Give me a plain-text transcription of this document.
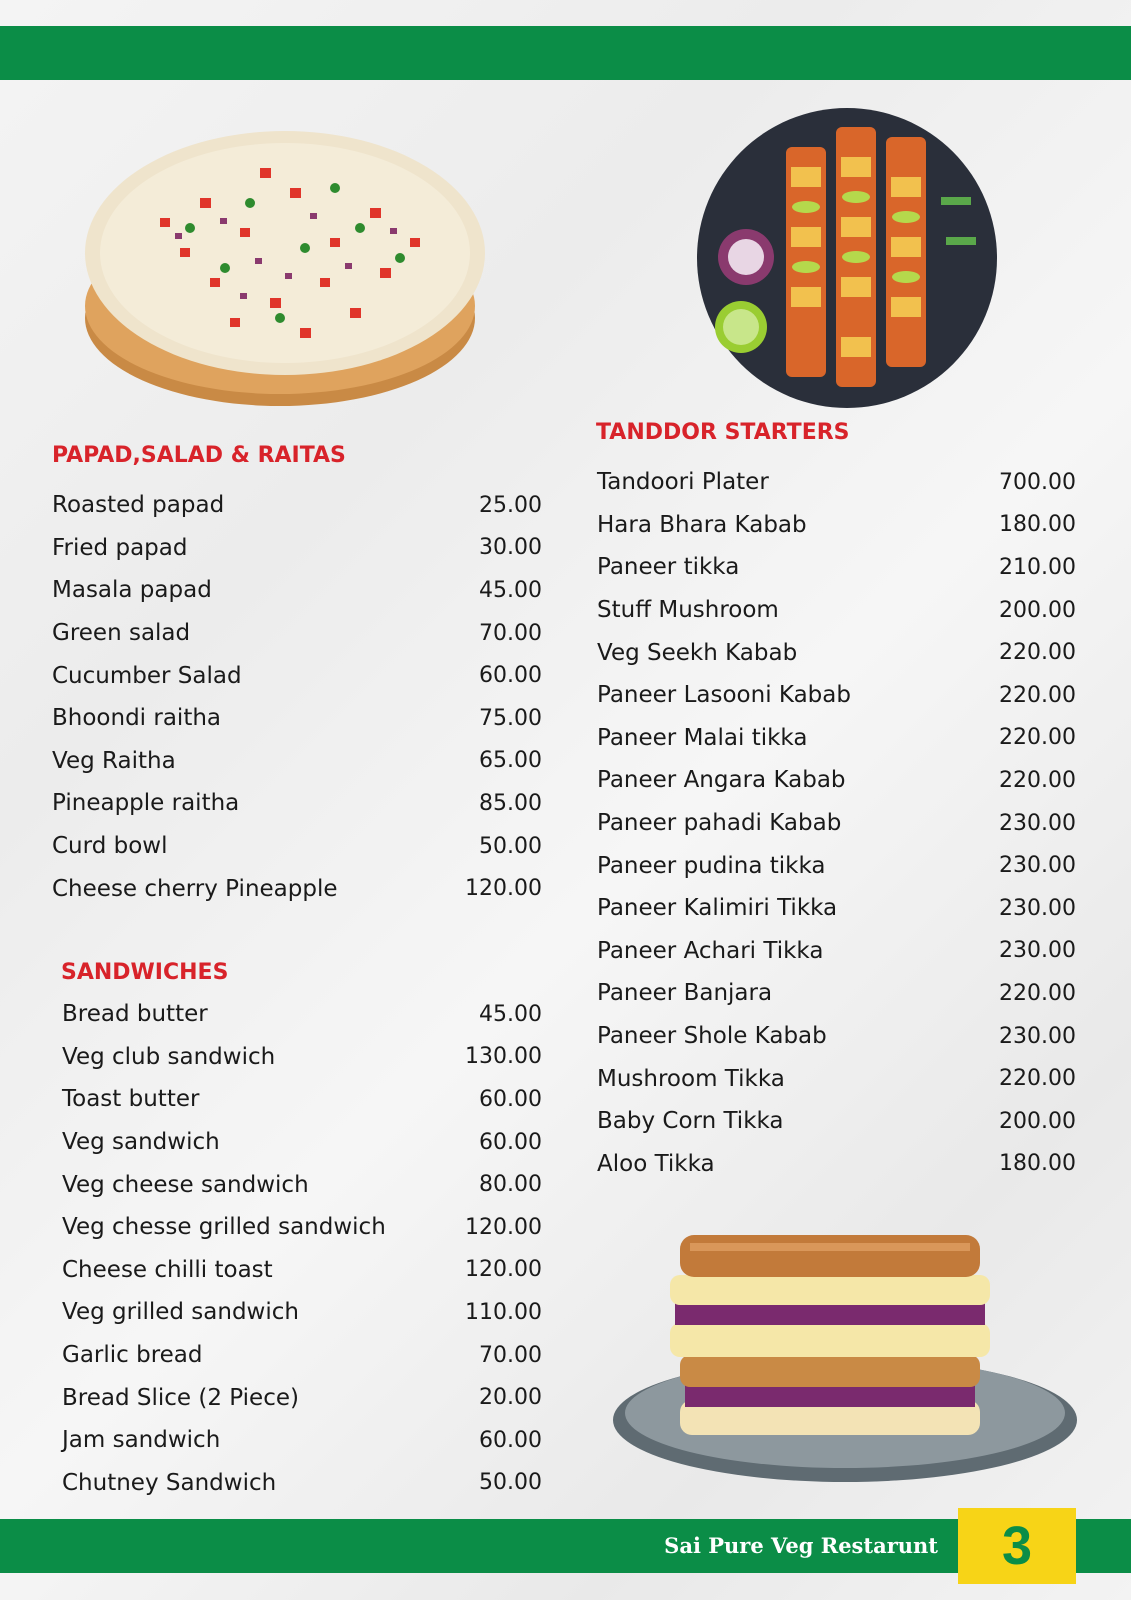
PAPAD,SALAD & RAITAS
Roasted papad	25.00
Fried papad	30.00
Masala papad	45.00
Green salad	70.00
Cucumber Salad	60.00
Bhoondi raitha	75.00
Veg Raitha	65.00
Pineapple raitha	85.00
Curd bowl	50.00
Cheese cherry Pineapple	120.00
SANDWICHES
Bread butter	45.00
Veg club sandwich	130.00
Toast butter	60.00
Veg sandwich	60.00
Veg cheese sandwich	80.00
Veg chesse grilled sandwich	120.00
Cheese chilli toast	120.00
Veg grilled sandwich	110.00
Garlic bread	70.00
Bread Slice (2 Piece)	20.00
Jam sandwich	60.00
Chutney Sandwich	50.00
TANDDOR STARTERS
Tandoori Plater	700.00
Hara Bhara Kabab	180.00
Paneer tikka	210.00
Stuff Mushroom	200.00
Veg Seekh Kabab	220.00
Paneer Lasooni Kabab	220.00
Paneer Malai tikka	220.00
Paneer Angara Kabab	220.00
Paneer pahadi Kabab	230.00
Paneer pudina tikka	230.00
Paneer Kalimiri Tikka	230.00
Paneer Achari Tikka	230.00
Paneer Banjara	220.00
Paneer Shole Kabab	230.00
Mushroom Tikka	220.00
Baby Corn Tikka	200.00
Aloo Tikka	180.00
Sai Pure Veg Restarunt	3
